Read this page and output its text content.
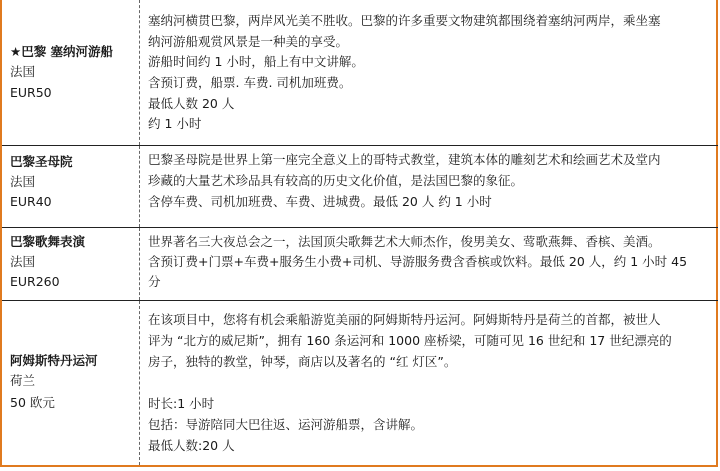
★巴黎 塞纳河游船
法国
EUR50
塞纳河横贯巴黎，两岸风光美不胜收。巴黎的许多重要文物建筑都围绕着塞纳河两岸，乘坐塞
纳河游船观赏风景是一种美的享受。
游船时间约 1 小时，船上有中文讲解。
含预订费，船票. 车费. 司机加班费。
最低人数 20 人
约 1 小时
巴黎圣母院
法国
EUR40
巴黎圣母院是世界上第一座完全意义上的哥特式教堂，建筑本体的雕刻艺术和绘画艺术及堂内
珍藏的大量艺术珍品具有较高的历史文化价值，是法国巴黎的象征。
含停车费、司机加班费、车费、进城费。最低 20 人 约 1 小时
巴黎歌舞表演
法国
EUR260
世界著名三大夜总会之一，法国顶尖歌舞艺术大师杰作，俊男美女、莺歌燕舞、香槟、美酒。
含预订费+门票+车费+服务生小费+司机、导游服务费含香槟或饮料。最低 20 人，约 1 小时 45
分
阿姆斯特丹运河
荷兰
50 欧元
在该项目中，您将有机会乘船游览美丽的阿姆斯特丹运河。阿姆斯特丹是荷兰的首都，被世人
评为 “北方的威尼斯”，拥有 160 条运河和 1000 座桥梁，可随可见 16 世纪和 17 世纪漂亮的
房子，独特的教堂，钟琴，商店以及著名的 “红 灯区”。
时长:1 小时
包括：导游陪同大巴往返、运河游船票，含讲解。
最低人数:20 人
